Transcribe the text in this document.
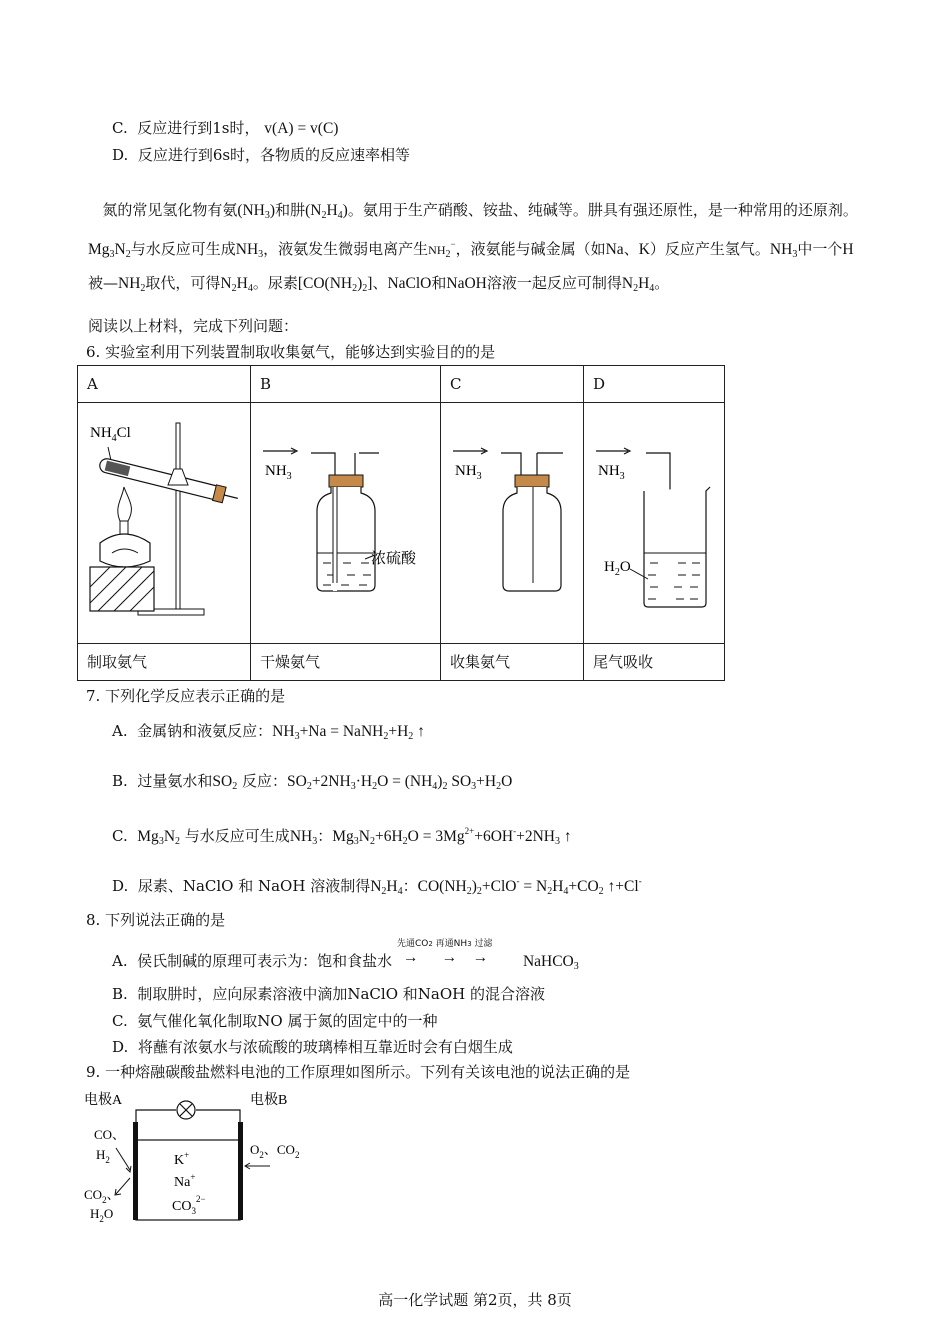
C. 反应进行到1s时， v(A) = v(C)
D. 反应进行到6s时，各物质的反应速率相等
氮的常见氢化物有氨$(NH_3)$和肼$(N_2H_4)$。氨用于生产硝酸、铵盐、纯碱等。肼具有强还原性，是一种常用的还原剂。$Mg_3N_2$与水反应可生成$NH_3$，液氨发生微弱电离产生$NH_2^-$，液氨能与碱金属（如Na、K）反应产生氢气。$NH_3$中一个H被$—NH_2$取代，可得$N_2H_4$。尿素$[CO(NH_2)_2]$、NaClO和NaOH溶液一起反应可制得$N_2H_4$。
阅读以上材料，完成下列问题：
6. 实验室利用下列装置制取收集氨气，能够达到实验目的的是
A	B	C	D

$NH_4Cl$	$NH_3$
浓硫酸	$NH_3$	$NH_3$
$H_2O$

制取氨气	干燥氨气	收集氨气	尾气吸收
7. 下列化学反应表示正确的是
A. 金属钠和液氨反应：$NH_3+Na$ = $NaNH_2+H_2$ ↑
B. 过量氨水和$SO_2$ 反应：$SO_2+2NH_3\cdot H_2O = (NH_4)_2$ $SO_3+H_2O$
C. $Mg_3N_2$ 与水反应可生成$NH_3$：$Mg_3N_2+6H_2O = 3Mg^{2+}+6OH^-+2NH_3$ ↑
D. 尿素、NaClO 和 NaOH 溶液制得$N_2H_4$：$CO(NH_2)_2+ClO^- = N_2H_4+CO_2$ ↑+Cl-
8. 下列说法正确的是
A. 侯氏制碱的原理可表示为：饱和食盐水
先通CO2 再通NH3 过滤
→      →    → NaHCO$_3$
B. 制取肼时，应向尿素溶液中滴加NaClO 和NaOH 的混合溶液
C. 氨气催化氧化制取NO 属于氮的固定中的一种
D. 将蘸有浓氨水与浓硫酸的玻璃棒相互靠近时会有白烟生成
9. 一种熔融碳酸盐燃料电池的工作原理如图所示。下列有关该电池的说法正确的是
电极A	电极B
K+
Na+
$CO_3^{2-}$
CO、
$H_2$
$CO_2$、
$H_2O$
$O_2$、$CO_2$
高一化学试题 第2页，共 8页
